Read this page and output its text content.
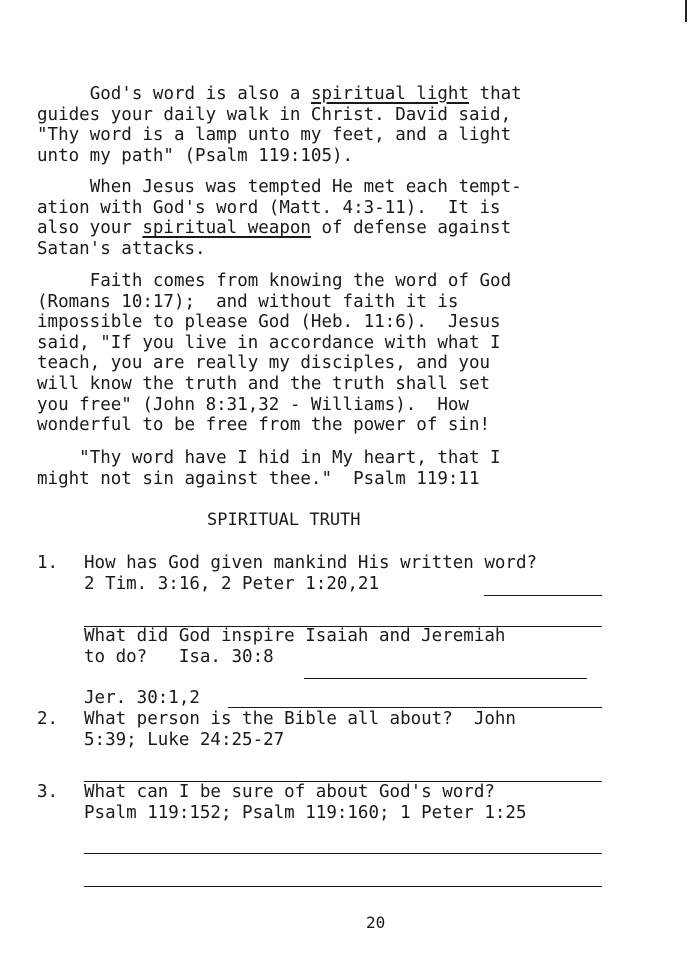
God's word is also a spiritual light that
guides your daily walk in Christ. David said,
"Thy word is a lamp unto my feet, and a light
unto my path" (Psalm 119:105).

When Jesus was tempted He met each tempt-
ation with God's word (Matt. 4:3-11).  It is
also your spiritual weapon of defense against
Satan's attacks.

Faith comes from knowing the word of God
(Romans 10:17);  and without faith it is
impossible to please God (Heb. 11:6).  Jesus
said, "If you live in accordance with what I
teach, you are really my disciples, and you
will know the truth and the truth shall set
you free" (John 8:31,32 - Williams).  How
wonderful to be free from the power of sin!

"Thy word have I hid in My heart, that I
might not sin against thee."  Psalm 119:11

SPIRITUAL TRUTH

1. How has God given mankind His written word?
2 Tim. 3:16, 2 Peter 1:20,21

What did God inspire Isaiah and Jeremiah
to do?   Isa. 30:8

Jer. 30:1,2

2. What person is the Bible all about?  John
5:39; Luke 24:25-27

3. What can I be sure of about God's word?
Psalm 119:152; Psalm 119:160; 1 Peter 1:25

20
